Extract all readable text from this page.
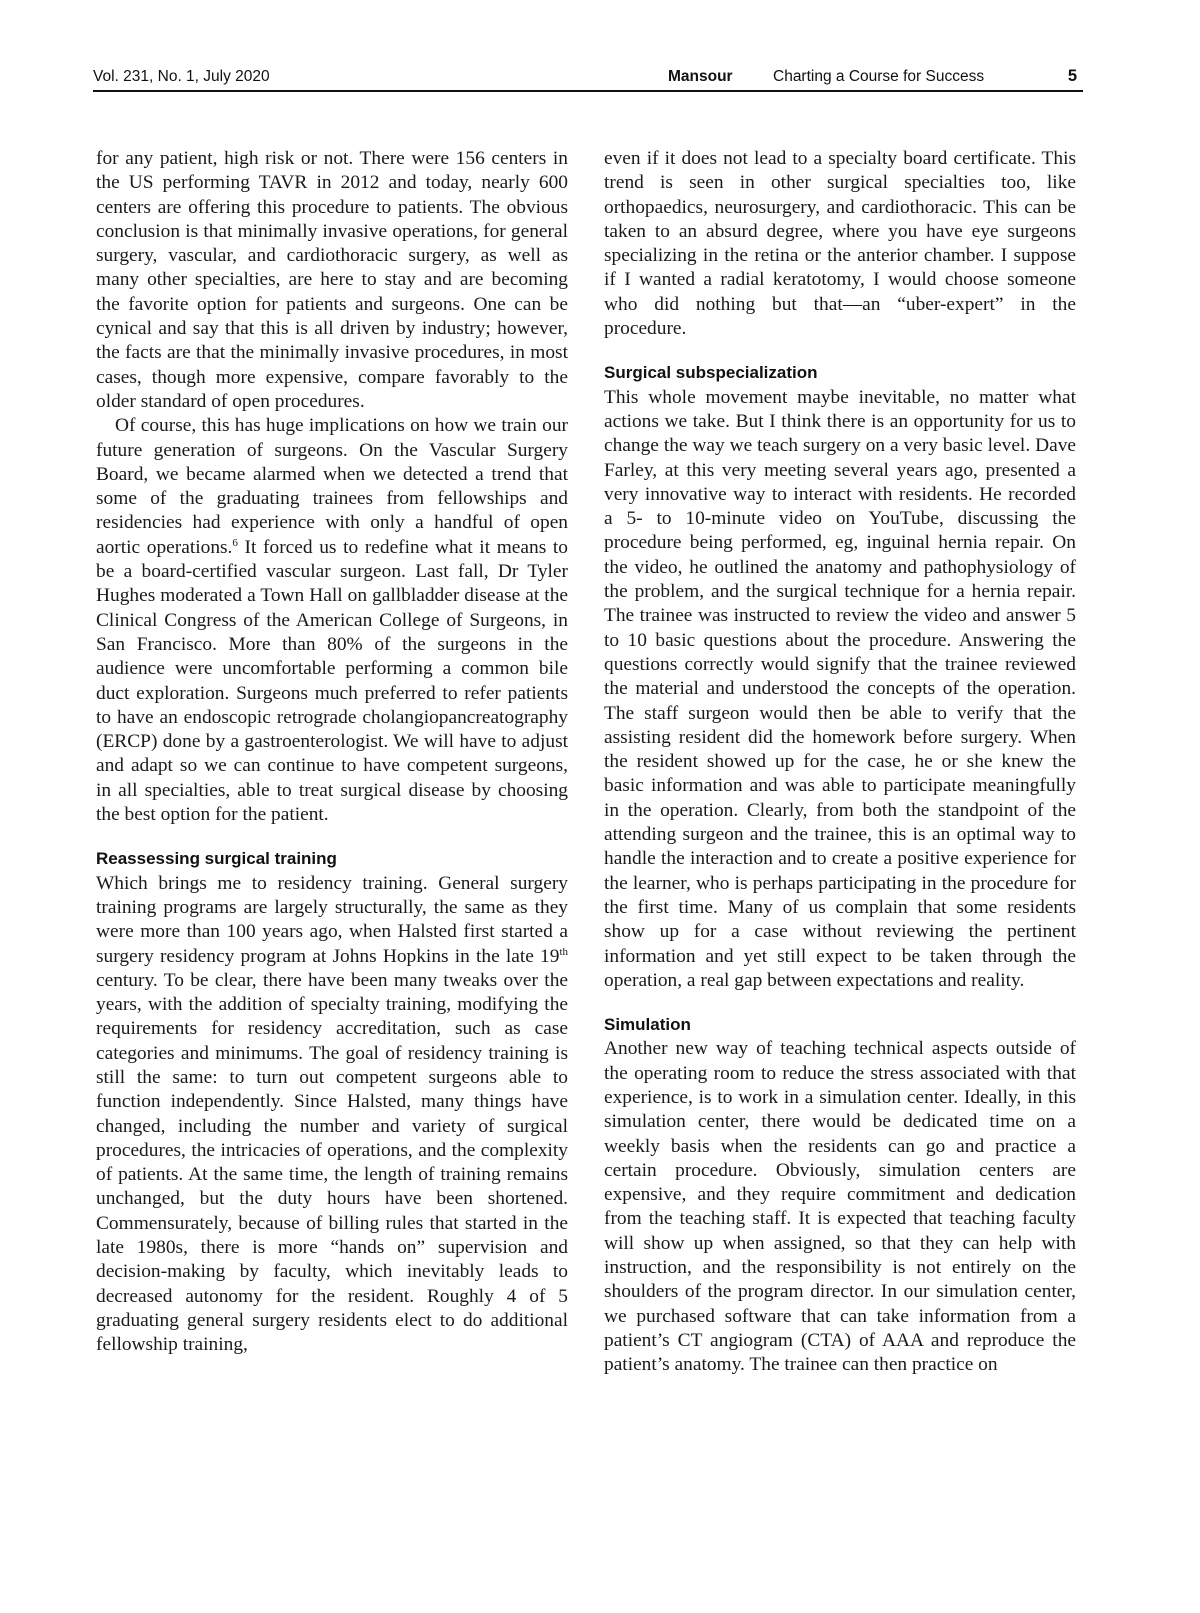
Vol. 231, No. 1, July 2020	Mansour	Charting a Course for Success	5

for any patient, high risk or not. There were 156 centers in the US performing TAVR in 2012 and today, nearly 600 centers are offering this procedure to patients. The obvious conclusion is that minimally invasive operations, for general surgery, vascular, and cardiothoracic surgery, as well as many other specialties, are here to stay and are becoming the favorite option for patients and surgeons. One can be cynical and say that this is all driven by industry; however, the facts are that the minimally invasive procedures, in most cases, though more expensive, compare favorably to the older standard of open procedures.

Of course, this has huge implications on how we train our future generation of surgeons. On the Vascular Surgery Board, we became alarmed when we detected a trend that some of the graduating trainees from fellowships and residencies had experience with only a handful of open aortic operations.$^6$ It forced us to redefine what it means to be a board-certified vascular surgeon. Last fall, Dr Tyler Hughes moderated a Town Hall on gallbladder disease at the Clinical Congress of the American College of Surgeons, in San Francisco. More than 80% of the surgeons in the audience were uncomfortable performing a common bile duct exploration. Surgeons much preferred to refer patients to have an endoscopic retrograde cholangiopancreatography (ERCP) done by a gastroenterologist. We will have to adjust and adapt so we can continue to have competent surgeons, in all specialties, able to treat surgical disease by choosing the best option for the patient.

Reassessing surgical training

Which brings me to residency training. General surgery training programs are largely structurally, the same as they were more than 100 years ago, when Halsted first started a surgery residency program at Johns Hopkins in the late 19th century. To be clear, there have been many tweaks over the years, with the addition of specialty training, modifying the requirements for residency accreditation, such as case categories and minimums. The goal of residency training is still the same: to turn out competent surgeons able to function independently. Since Halsted, many things have changed, including the number and variety of surgical procedures, the intricacies of operations, and the complexity of patients. At the same time, the length of training remains unchanged, but the duty hours have been shortened. Commensurately, because of billing rules that started in the late 1980s, there is more “hands on” supervision and decision-making by faculty, which inevitably leads to decreased autonomy for the resident. Roughly 4 of 5 graduating general surgery residents elect to do additional fellowship training,

even if it does not lead to a specialty board certificate. This trend is seen in other surgical specialties too, like orthopaedics, neurosurgery, and cardiothoracic. This can be taken to an absurd degree, where you have eye surgeons specializing in the retina or the anterior chamber. I suppose if I wanted a radial keratotomy, I would choose someone who did nothing but that—an “uber-expert” in the procedure.

Surgical subspecialization

This whole movement maybe inevitable, no matter what actions we take. But I think there is an opportunity for us to change the way we teach surgery on a very basic level. Dave Farley, at this very meeting several years ago, presented a very innovative way to interact with residents. He recorded a 5- to 10-minute video on YouTube, discussing the procedure being performed, eg, inguinal hernia repair. On the video, he outlined the anatomy and pathophysiology of the problem, and the surgical technique for a hernia repair. The trainee was instructed to review the video and answer 5 to 10 basic questions about the procedure. Answering the questions correctly would signify that the trainee reviewed the material and understood the concepts of the operation. The staff surgeon would then be able to verify that the assisting resident did the homework before surgery. When the resident showed up for the case, he or she knew the basic information and was able to participate meaningfully in the operation. Clearly, from both the standpoint of the attending surgeon and the trainee, this is an optimal way to handle the interaction and to create a positive experience for the learner, who is perhaps participating in the procedure for the first time. Many of us complain that some residents show up for a case without reviewing the pertinent information and yet still expect to be taken through the operation, a real gap between expectations and reality.

Simulation

Another new way of teaching technical aspects outside of the operating room to reduce the stress associated with that experience, is to work in a simulation center. Ideally, in this simulation center, there would be dedicated time on a weekly basis when the residents can go and practice a certain procedure. Obviously, simulation centers are expensive, and they require commitment and dedication from the teaching staff. It is expected that teaching faculty will show up when assigned, so that they can help with instruction, and the responsibility is not entirely on the shoulders of the program director. In our simulation center, we purchased software that can take information from a patient’s CT angiogram (CTA) of AAA and reproduce the patient’s anatomy. The trainee can then practice on
